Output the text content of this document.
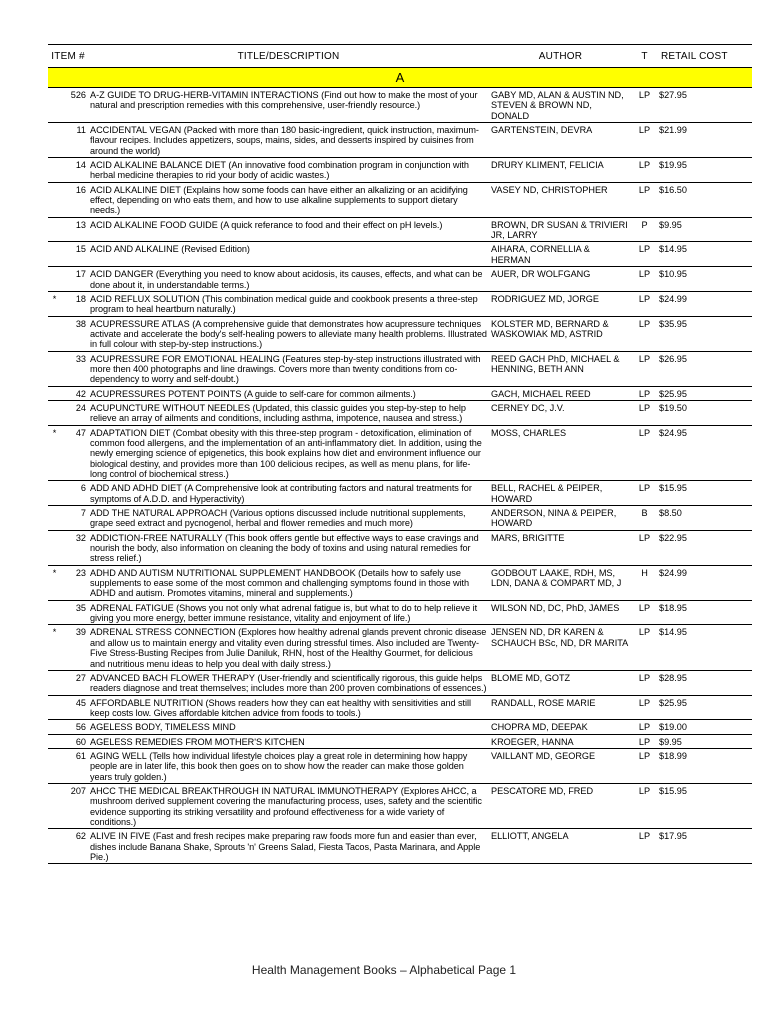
ITEM #		TITLE/DESCRIPTION	AUTHOR	T	RETAIL COST
A					
	526	A-Z GUIDE TO DRUG-HERB-VITAMIN INTERACTIONS (Find out how to make the most of your natural and prescription remedies with this comprehensive, user-friendly resource.)	GABY MD, ALAN & AUSTIN ND, STEVEN & BROWN ND, DONALD	LP	$27.95
	11	ACCIDENTAL VEGAN (Packed with more than 180 basic-ingredient, quick instruction, maximum-flavour recipes. Includes appetizers, soups, mains, sides, and desserts inspired by cuisines from around the world)	GARTENSTEIN, DEVRA	LP	$21.99
	14	ACID ALKALINE BALANCE DIET (An innovative food combination program in conjunction with herbal medicine therapies to rid your body of acidic wastes.)	DRURY KLIMENT, FELICIA	LP	$19.95
	16	ACID ALKALINE DIET (Explains how some foods can have either an alkalizing or an acidifying effect, depending on who eats them, and how to use alkaline supplements to support dietary needs.)	VASEY ND, CHRISTOPHER	LP	$16.50
	13	ACID ALKALINE FOOD GUIDE (A quick referance to food and their effect on pH levels.)	BROWN, DR SUSAN & TRIVIERI JR, LARRY	P	$9.95
	15	ACID AND ALKALINE (Revised Edition)	AIHARA, CORNELLIA & HERMAN	LP	$14.95
	17	ACID DANGER (Everything you need to know about acidosis, its causes, effects, and what can be done about it, in understandable terms.)	AUER, DR WOLFGANG	LP	$10.95
*	18	ACID REFLUX SOLUTION (This combination medical guide and cookbook presents a three-step program to heal heartburn naturally.)	RODRIGUEZ MD, JORGE	LP	$24.99
	38	ACUPRESSURE ATLAS (A comprehensive guide that demonstrates how acupressure techniques activate and accelerate the body's self-healing powers to alleviate many health problems. Illustrated in full colour with step-by-step instructions.)	KOLSTER MD, BERNARD & WASKOWIAK MD, ASTRID	LP	$35.95
	33	ACUPRESSURE FOR EMOTIONAL HEALING (Features step-by-step instructions illustrated with more then 400 photographs and line drawings. Covers more than twenty conditions from co-dependency to worry and self-doubt.)	REED GACH PhD, MICHAEL & HENNING, BETH ANN	LP	$26.95
	42	ACUPRESSURES POTENT POINTS (A guide to self-care for common ailments.)	GACH, MICHAEL REED	LP	$25.95
	24	ACUPUNCTURE WITHOUT NEEDLES (Updated, this classic guides you step-by-step to help relieve an array of ailments and conditions, including asthma, impotence, nausea and stress.)	CERNEY DC, J.V.	LP	$19.50
*	47	ADAPTATION DIET (Combat obesity with this three-step program - detoxification, elimination of common food allergens, and the implementation of an anti-inflammatory diet. In addition, using the newly emerging science of epigenetics, this book explains how diet and environment influence our biological destiny, and provides more than 100 delicious recipes, as well as menu plans, for life-long control of biochemical stress.)	MOSS, CHARLES	LP	$24.95
	6	ADD AND ADHD DIET (A Comprehensive look at contributing factors and natural treatments for symptoms of A.D.D. and Hyperactivity)	BELL, RACHEL & PEIPER, HOWARD	LP	$15.95
	7	ADD THE NATURAL APPROACH (Various options discussed include nutritional supplements, grape seed extract and pycnogenol, herbal and flower remedies and much more)	ANDERSON, NINA & PEIPER, HOWARD	B	$8.50
	32	ADDICTION-FREE NATURALLY (This book offers gentle but effective ways to ease cravings and nourish the body, also information on cleaning the body of toxins and using natural remedies for stress relief.)	MARS, BRIGITTE	LP	$22.95
*	23	ADHD AND AUTISM NUTRITIONAL SUPPLEMENT HANDBOOK (Details how to safely use supplements to ease some of the most common and challenging symptoms found in those with ADHD and autism. Promotes vitamins, mineral and supplements.)	GODBOUT LAAKE, RDH, MS, LDN, DANA & COMPART MD, J	H	$24.99
	35	ADRENAL FATIGUE (Shows you not only what adrenal fatigue is, but what to do to help relieve it giving you more energy, better immune resistance, vitality and enjoyment of life.)	WILSON ND, DC, PhD, JAMES	LP	$18.95
*	39	ADRENAL STRESS CONNECTION (Explores how healthy adrenal glands prevent chronic disease and allow us to maintain energy and vitality even during stressful times. Also included are Twenty-Five Stress-Busting Recipes from Julie Daniluk, RHN, host of the Healthy Gourmet, for delicious and nutritious menu ideas to help you deal with daily stress.)	JENSEN ND, DR KAREN & SCHAUCH BSc, ND, DR MARITA	LP	$14.95
	27	ADVANCED BACH FLOWER THERAPY (User-friendly and scientifically rigorous, this guide helps readers diagnose and treat themselves; includes more than 200 proven combinations of essences.)	BLOME MD, GOTZ	LP	$28.95
	45	AFFORDABLE NUTRITION (Shows readers how they can eat healthy with sensitivities and still keep costs low. Gives affordable kitchen advice from foods to tools.)	RANDALL, ROSE MARIE	LP	$25.95
	56	AGELESS BODY, TIMELESS MIND	CHOPRA MD, DEEPAK	LP	$19.00
	60	AGELESS REMEDIES FROM MOTHER'S KITCHEN	KROEGER, HANNA	LP	$9.95
	61	AGING WELL (Tells how individual lifestyle choices play a great role in determining how happy people are in later life, this book then goes on to show how the reader can make those golden years truly golden.)	VAILLANT MD, GEORGE	LP	$18.99
	207	AHCC THE MEDICAL BREAKTHROUGH IN NATURAL IMMUNOTHERAPY (Explores AHCC, a mushroom derived supplement covering the manufacturing process, uses, safety and the scientific evidence supporting its striking versatility and profound effectiveness for a wide variety of conditions.)	PESCATORE MD, FRED	LP	$15.95
	62	ALIVE IN FIVE (Fast and fresh recipes make preparing raw foods more fun and easier than ever, dishes include Banana Shake, Sprouts 'n' Greens Salad, Fiesta Tacos, Pasta Marinara, and Apple Pie.)	ELLIOTT, ANGELA	LP	$17.95
Health Management Books – Alphabetical Page 1
